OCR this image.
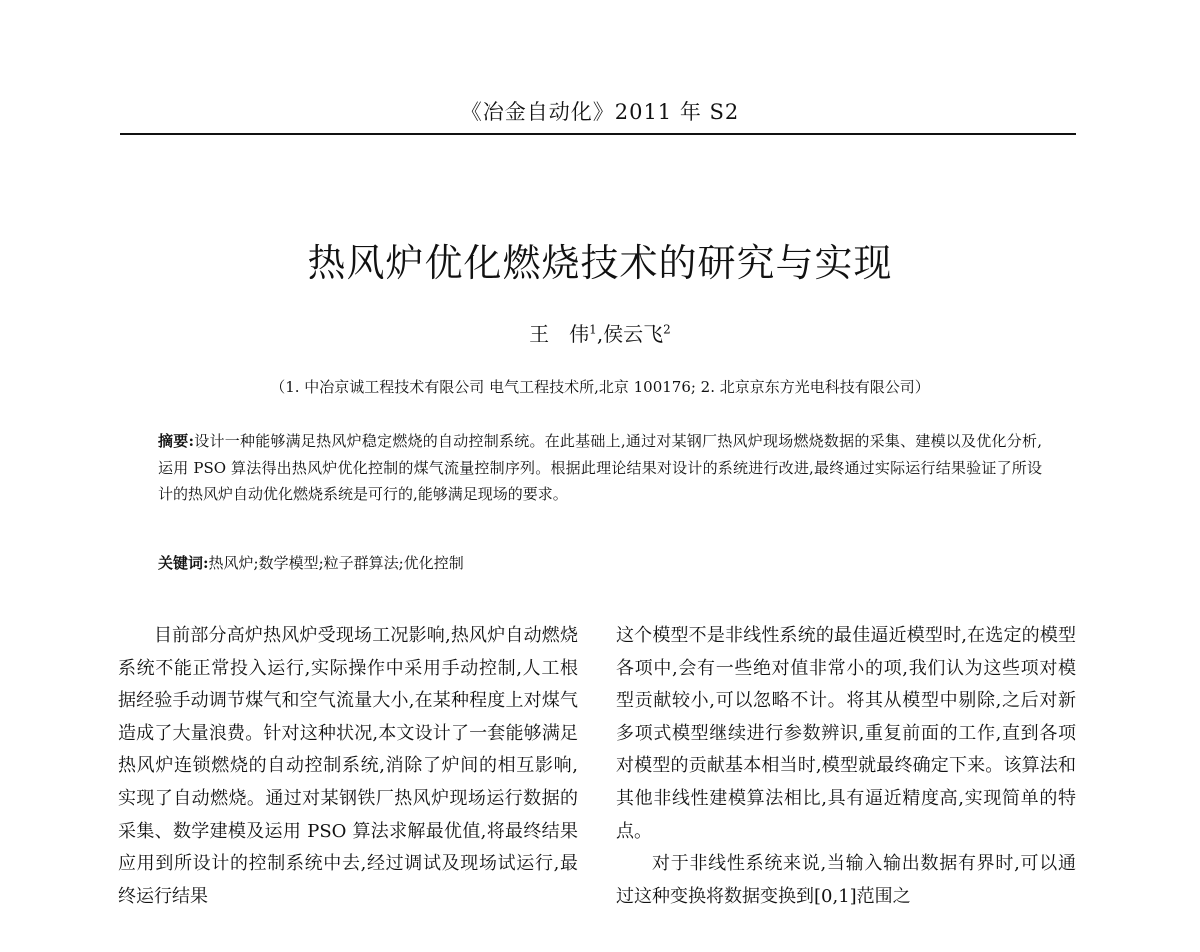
《冶金自动化》2011 年 S2
热风炉优化燃烧技术的研究与实现
王　伟$^1$,侯云飞$^2$
（1. 中冶京诚工程技术有限公司 电气工程技术所,北京 100176; 2. 北京京东方光电科技有限公司）

摘要:设计一种能够满足热风炉稳定燃烧的自动控制系统。在此基础上,通过对某钢厂热风炉现场燃烧数据的采集、建模以及优化分析,运用 PSO 算法得出热风炉优化控制的煤气流量控制序列。根据此理论结果对设计的系统进行改进,最终通过实际运行结果验证了所设计的热风炉自动优化燃烧系统是可行的,能够满足现场的要求。

关键词:热风炉;数学模型;粒子群算法;优化控制

目前部分高炉热风炉受现场工况影响,热风炉自动燃烧系统不能正常投入运行,实际操作中采用手动控制,人工根据经验手动调节煤气和空气流量大小,在某种程度上对煤气造成了大量浪费。针对这种状况,本文设计了一套能够满足热风炉连锁燃烧的自动控制系统,消除了炉间的相互影响,实现了自动燃烧。通过对某钢铁厂热风炉现场运行数据的采集、数学建模及运用 PSO 算法求解最优值,将最终结果应用到所设计的控制系统中去,经过调试及现场试运行,最终运行结果

这个模型不是非线性系统的最佳逼近模型时,在选定的模型各项中,会有一些绝对值非常小的项,我们认为这些项对模型贡献较小,可以忽略不计。将其从模型中剔除,之后对新多项式模型继续进行参数辨识,重复前面的工作,直到各项对模型的贡献基本相当时,模型就最终确定下来。该算法和其他非线性建模算法相比,具有逼近精度高,实现简单的特点。

对于非线性系统来说,当输入输出数据有界时,可以通过这种变换将数据变换到[0,1]范围之
